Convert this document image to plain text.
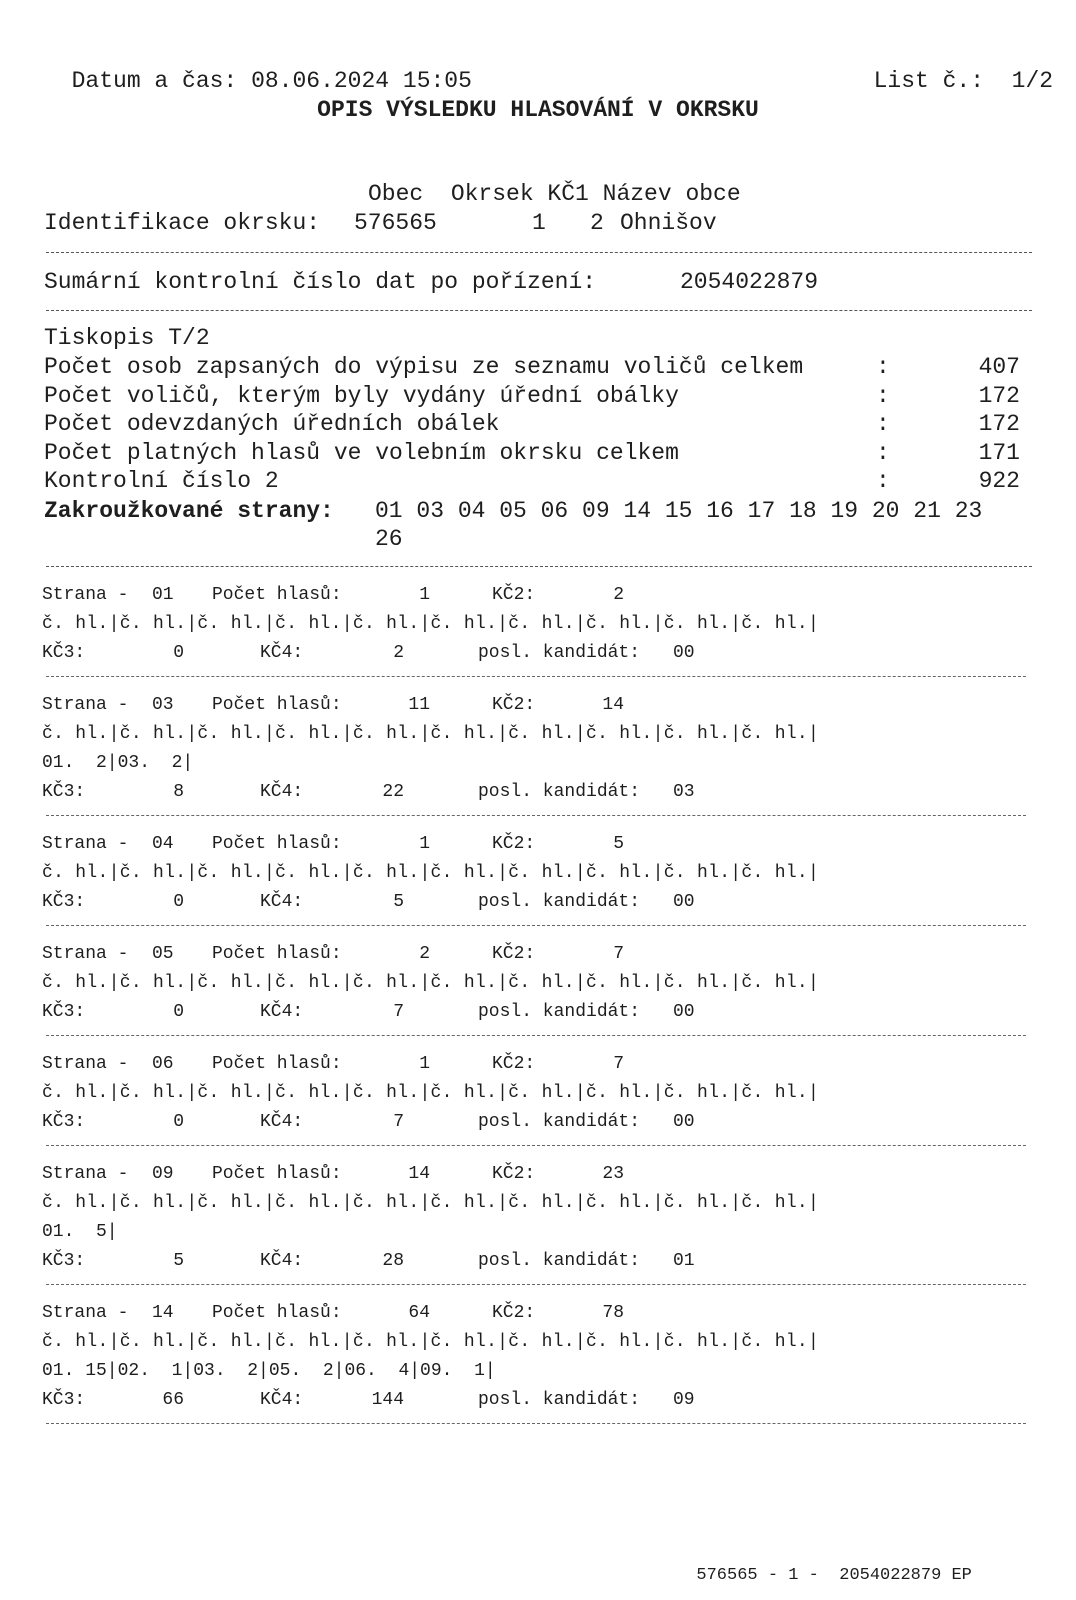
Datum a čas: 08.06.2024 15:05	List č.: 1/2

OPIS VÝSLEDKU HLASOVÁNÍ V OKRSKU
Obec  Okrsek KČ1 Název obce
Identifikace okrsku: 576565	1 2 Ohnišov
Sumární kontrolní číslo dat po pořízení:	2054022879
Tiskopis T/2
Počet osob zapsaných do výpisu ze seznamu voličů celkem	:	407
Počet voličů, kterým byly vydány úřední obálky	:	172
Počet odevzdaných úředních obálek	:	172
Počet platných hlasů ve volebním okrsku celkem	:	171
Kontrolní číslo 2	:	922
Zakroužkované strany: 01 03 04 05 06 09 14 15 16 17 18 19 20 21 23
26
Strana - 01 Počet hlasů:	1	KČ2:	2
č. hl.|č. hl.|č. hl.|č. hl.|č. hl.|č. hl.|č. hl.|č. hl.|č. hl.|č. hl.|
KČ3:	0	KČ4:	2	posl. kandidát: 00
Strana - 03 Počet hlasů:	11	KČ2:	14
č. hl.|č. hl.|č. hl.|č. hl.|č. hl.|č. hl.|č. hl.|č. hl.|č. hl.|č. hl.|
01.  2|03.  2|
KČ3:	8	KČ4:	22	posl. kandidát: 03
Strana - 04 Počet hlasů:	1	KČ2:	5
č. hl.|č. hl.|č. hl.|č. hl.|č. hl.|č. hl.|č. hl.|č. hl.|č. hl.|č. hl.|
KČ3:	0	KČ4:	5	posl. kandidát: 00
Strana - 05 Počet hlasů:	2	KČ2:	7
č. hl.|č. hl.|č. hl.|č. hl.|č. hl.|č. hl.|č. hl.|č. hl.|č. hl.|č. hl.|
KČ3:	0	KČ4:	7	posl. kandidát: 00
Strana - 06 Počet hlasů:	1	KČ2:	7
č. hl.|č. hl.|č. hl.|č. hl.|č. hl.|č. hl.|č. hl.|č. hl.|č. hl.|č. hl.|
KČ3:	0	KČ4:	7	posl. kandidát: 00
Strana - 09 Počet hlasů:	14	KČ2:	23
č. hl.|č. hl.|č. hl.|č. hl.|č. hl.|č. hl.|č. hl.|č. hl.|č. hl.|č. hl.|
01.  5|
KČ3:	5	KČ4:	28	posl. kandidát: 01
Strana - 14 Počet hlasů:	64	KČ2:	78
č. hl.|č. hl.|č. hl.|č. hl.|č. hl.|č. hl.|č. hl.|č. hl.|č. hl.|č. hl.|
01. 15|02.  1|03.  2|05.  2|06.  4|09.  1|
KČ3:	66	KČ4:	144	posl. kandidát: 09

576565 - 1 - 2054022879 EP
